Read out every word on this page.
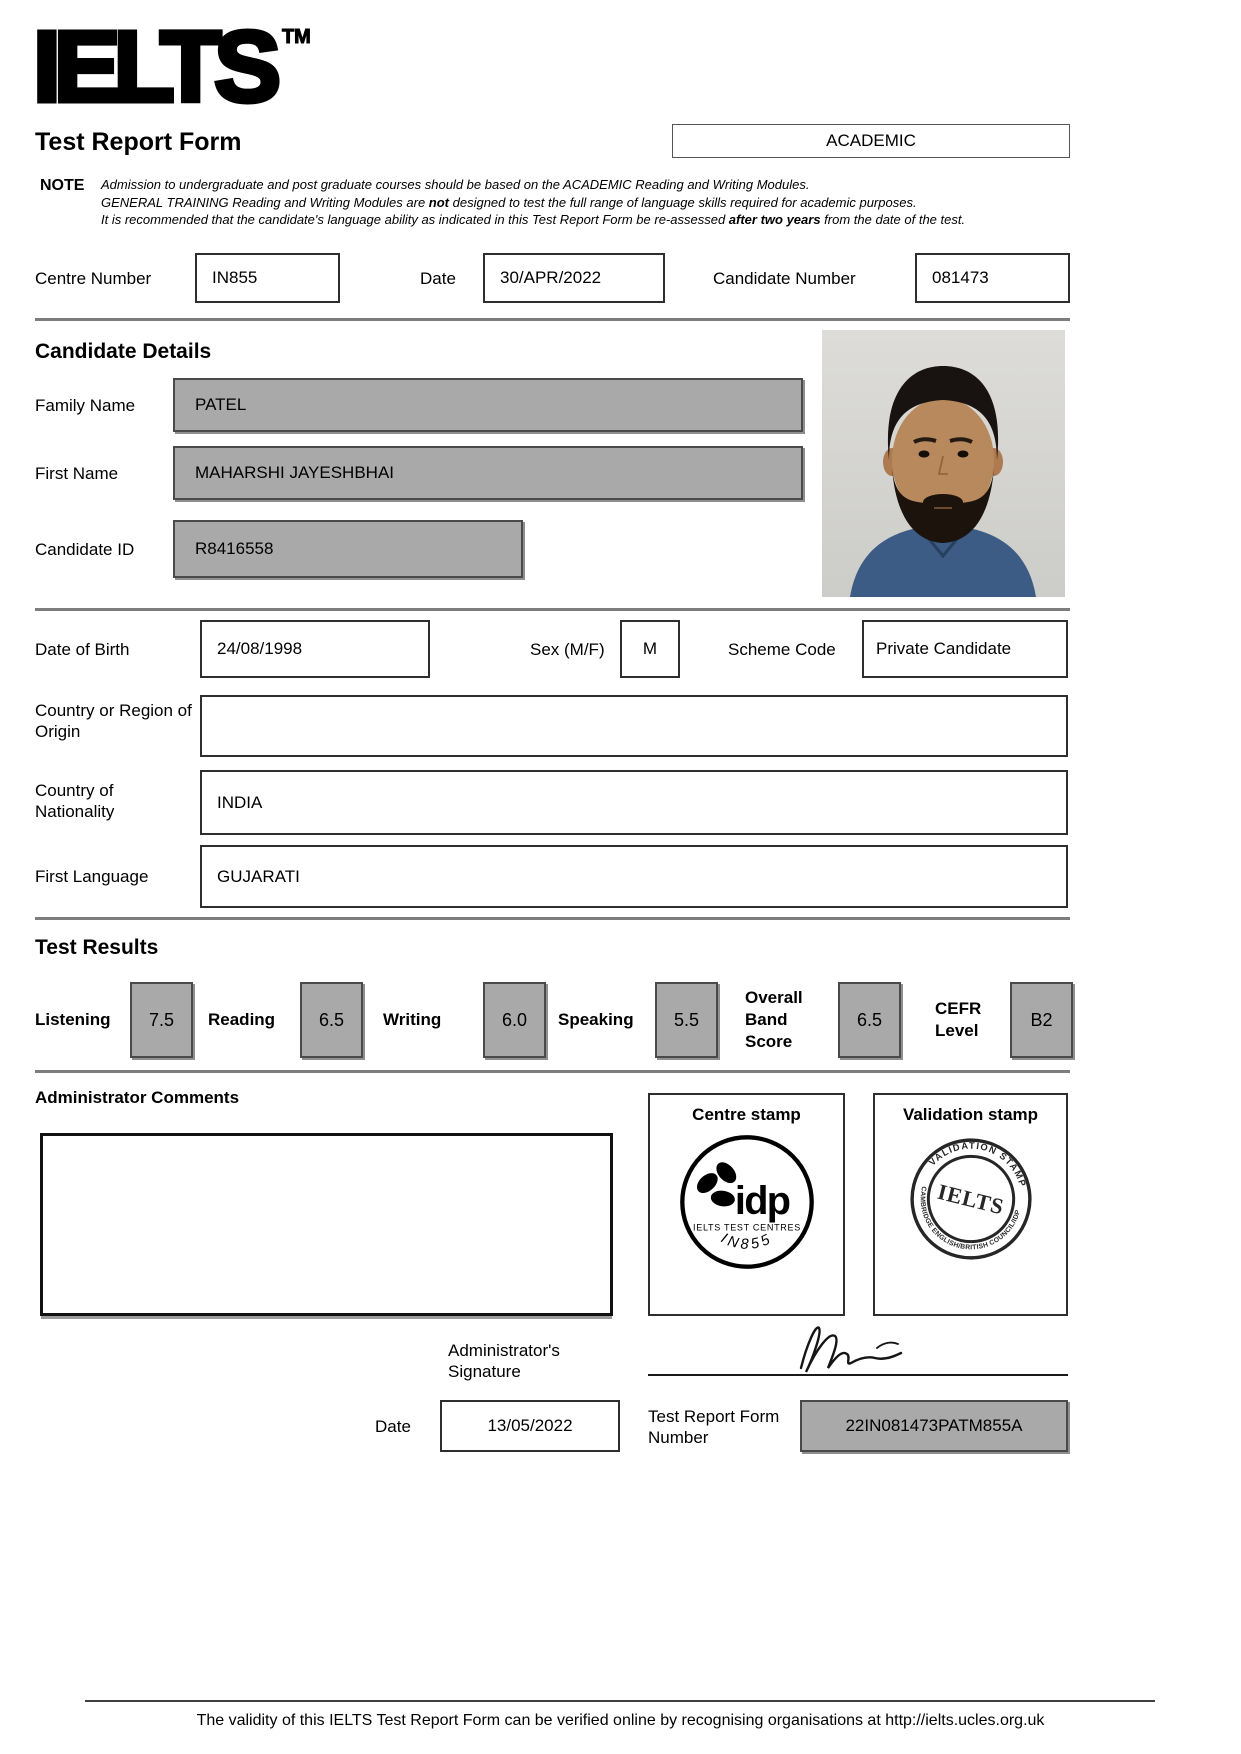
IELTS ™
Test Report Form	ACADEMIC
NOTE Admission to undergraduate and post graduate courses should be based on the ACADEMIC Reading and Writing Modules.
GENERAL TRAINING Reading and Writing Modules are not designed to test the full range of language skills required for academic purposes.
It is recommended that the candidate's language ability as indicated in this Test Report Form be re-assessed after two years from the date of the test.
Centre Number	IN855	Date	30/APR/2022	Candidate Number	081473
Candidate Details
Family Name	PATEL
First Name	MAHARSHI JAYESHBHAI
Candidate ID	R8416558
Date of Birth	24/08/1998	Sex (M/F) M	Scheme Code Private Candidate
Country or Region of Origin
Country of Nationality	INDIA
First Language	GUJARATI
Test Results
Listening 7.5 Reading 6.5 Writing	6.0 Speaking 5.5
Overall Band Score
6.5
CEFR Level
B2
Administrator Comments
Centre stamp
idp
IELTS TEST CENTRES
IN855
Validation stamp
VALIDATION STAMP
CAMBRIDGE ENGLISH/BRITISH COUNCIL/IDP
IELTS
Administrator's Signature
Date	13/05/2022	Test Report Form Number
22IN081473PATM855A
The validity of this IELTS Test Report Form can be verified online by recognising organisations at http://ielts.ucles.org.uk
